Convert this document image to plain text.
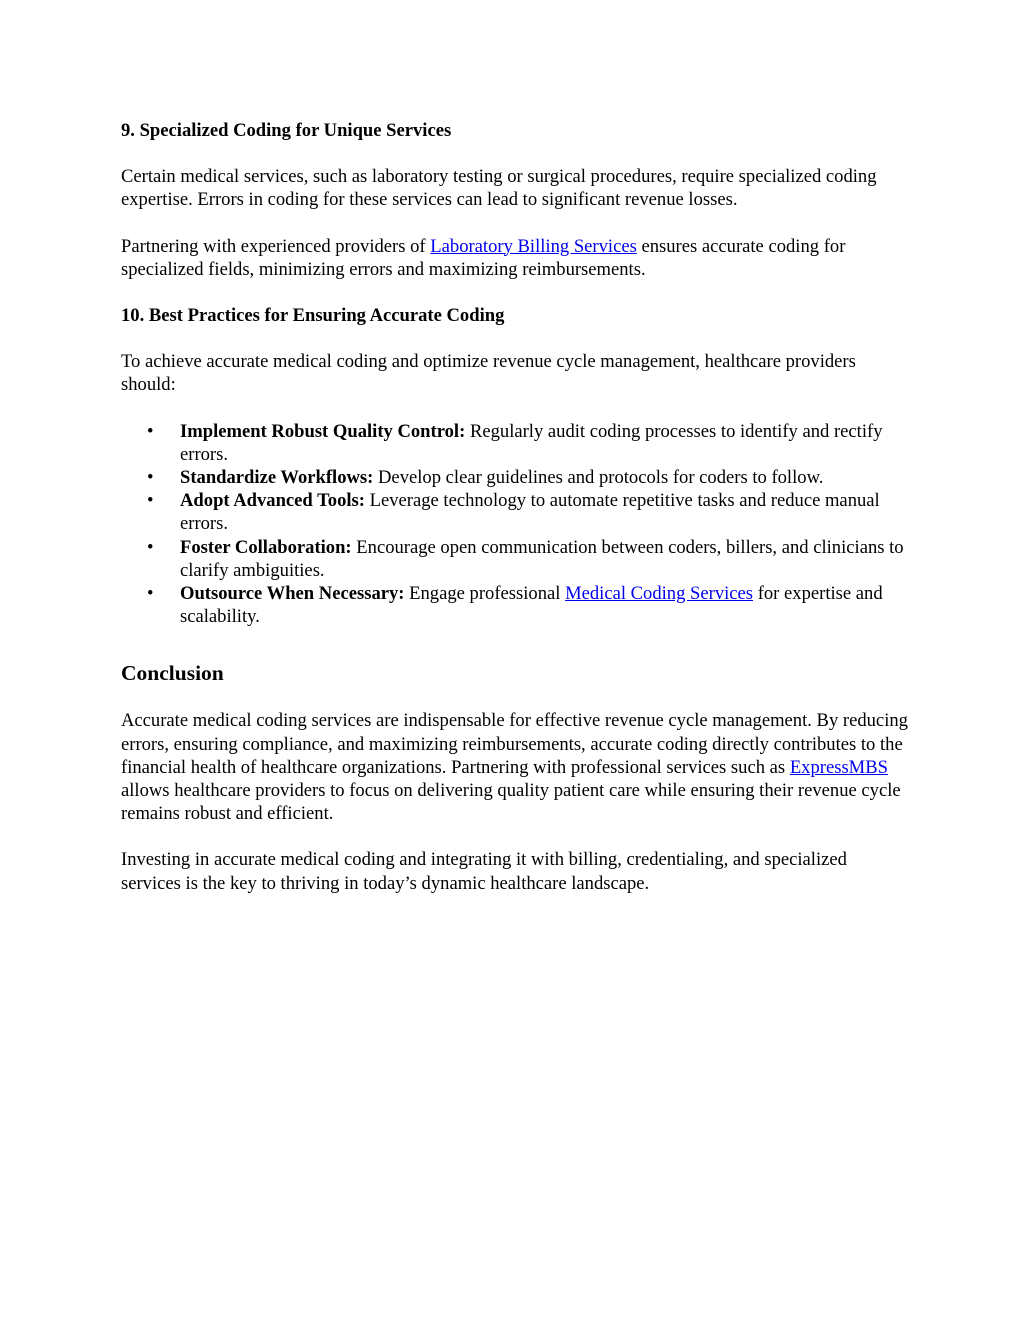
9. Specialized Coding for Unique Services

Certain medical services, such as laboratory testing or surgical procedures, require specialized coding expertise. Errors in coding for these services can lead to significant revenue losses.

Partnering with experienced providers of Laboratory Billing Services ensures accurate coding for specialized fields, minimizing errors and maximizing reimbursements.

10. Best Practices for Ensuring Accurate Coding

To achieve accurate medical coding and optimize revenue cycle management, healthcare providers should:

• Implement Robust Quality Control: Regularly audit coding processes to identify and rectify errors.
• Standardize Workflows: Develop clear guidelines and protocols for coders to follow.
• Adopt Advanced Tools: Leverage technology to automate repetitive tasks and reduce manual errors.
• Foster Collaboration: Encourage open communication between coders, billers, and clinicians to clarify ambiguities.
• Outsource When Necessary: Engage professional Medical Coding Services for expertise and scalability.
Conclusion

Accurate medical coding services are indispensable for effective revenue cycle management. By reducing errors, ensuring compliance, and maximizing reimbursements, accurate coding directly contributes to the financial health of healthcare organizations. Partnering with professional services such as ExpressMBS allows healthcare providers to focus on delivering quality patient care while ensuring their revenue cycle remains robust and efficient.

Investing in accurate medical coding and integrating it with billing, credentialing, and specialized services is the key to thriving in today’s dynamic healthcare landscape.
